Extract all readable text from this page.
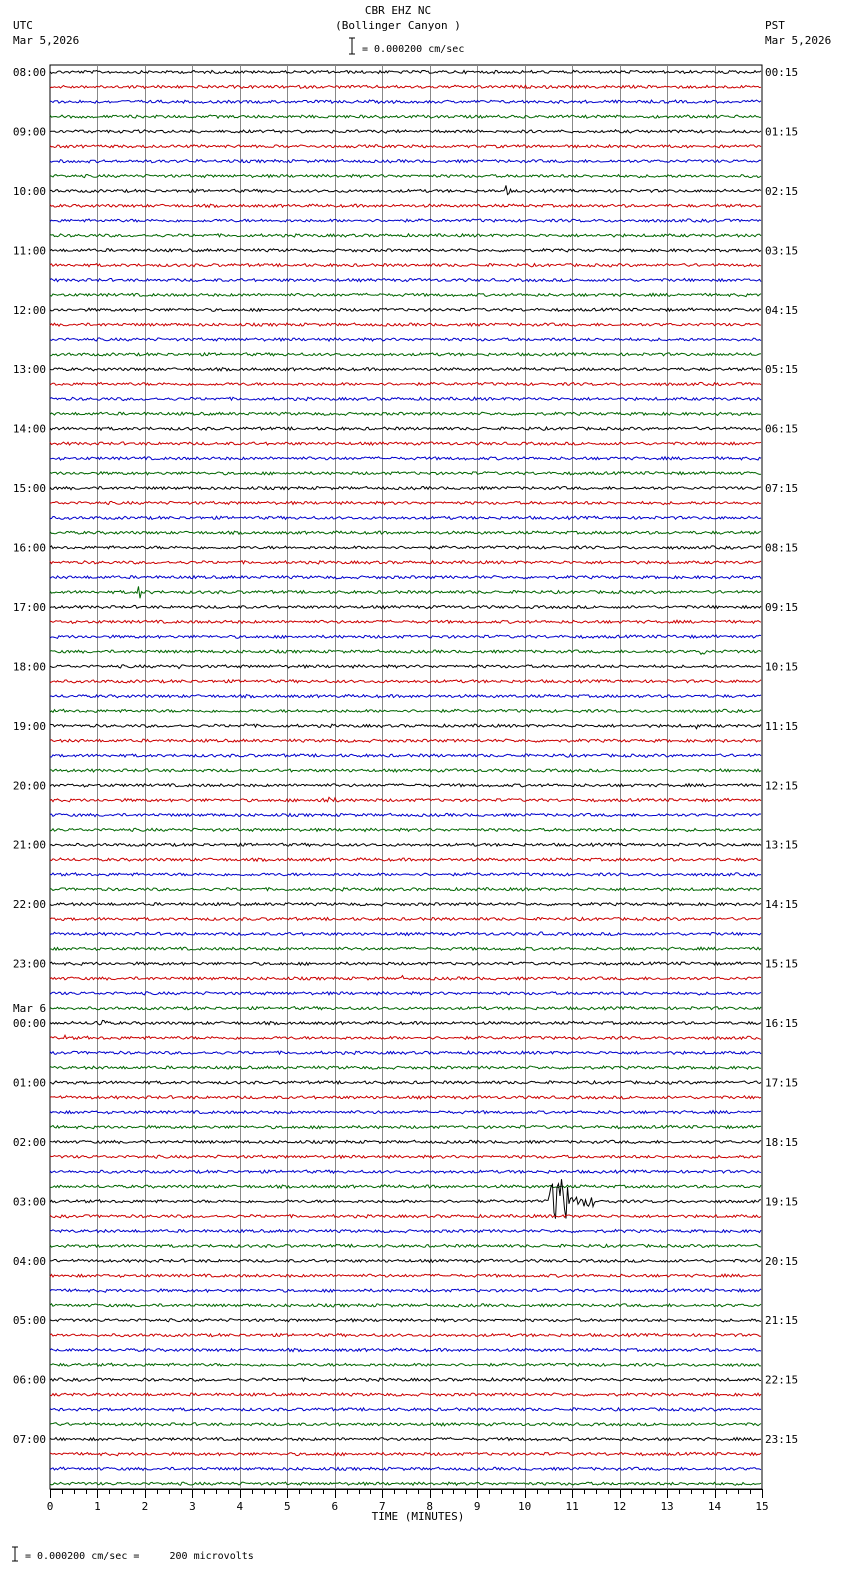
CBR EHZ NC
(Bollinger Canyon )
= 0.000200 cm/sec
UTC
Mar 5,2026
PST
Mar 5,2026
08:00
09:00
10:00
11:00
12:00
13:00
14:00
15:00
16:00
17:00
18:00
19:00
20:00
21:00
22:00
23:00
00:00
Mar 6
01:00
02:00
03:00
04:00
05:00
06:00
07:00
00:15
01:15
02:15
03:15
04:15
05:15
06:15
07:15
08:15
09:15
10:15
11:15
12:15
13:15
14:15
15:15
16:15
17:15
18:15
19:15
20:15
21:15
22:15
23:15
0	1	2	3	4	5	6	7	8	9	10	11	12	13	14	15
TIME (MINUTES)
= 0.000200 cm/sec =     200 microvolts
